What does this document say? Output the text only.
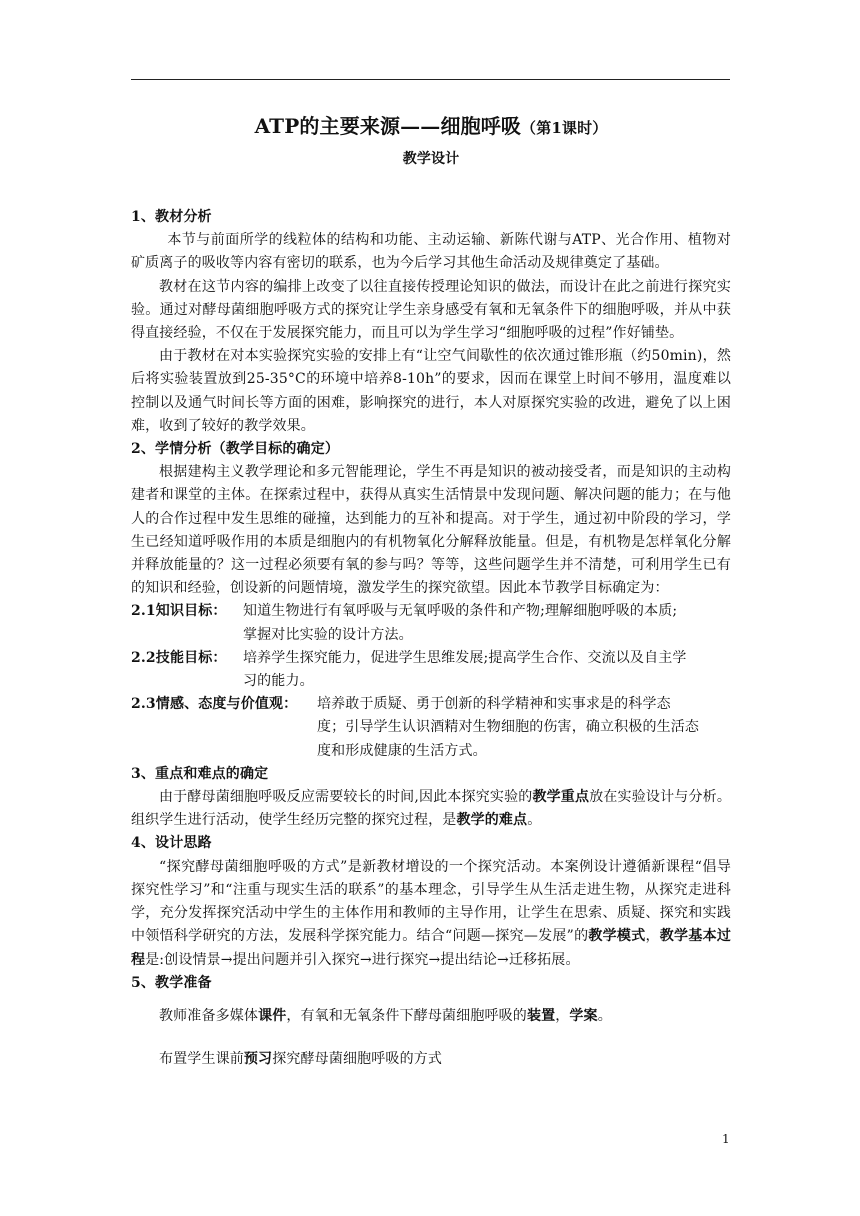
ATP的主要来源——细胞呼吸（第1课时）

教学设计

1、教材分析

本节与前面所学的线粒体的结构和功能、主动运输、新陈代谢与ATP、光合作用、植物对矿质离子的吸收等内容有密切的联系，也为今后学习其他生命活动及规律奠定了基础。

教材在这节内容的编排上改变了以往直接传授理论知识的做法，而设计在此之前进行探究实验。通过对酵母菌细胞呼吸方式的探究让学生亲身感受有氧和无氧条件下的细胞呼吸，并从中获得直接经验，不仅在于发展探究能力，而且可以为学生学习“细胞呼吸的过程”作好铺垫。

由于教材在对本实验探究实验的安排上有“让空气间歇性的依次通过锥形瓶（约50min)，然后将实验装置放到25-35°C的环境中培养8-10h”的要求，因而在课堂上时间不够用，温度难以控制以及通气时间长等方面的困难，影响探究的进行，本人对原探究实验的改进，避免了以上困难，收到了较好的教学效果。

2、学情分析（教学目标的确定）

根据建构主义教学理论和多元智能理论，学生不再是知识的被动接受者，而是知识的主动构建者和课堂的主体。在探索过程中，获得从真实生活情景中发现问题、解决问题的能力；在与他人的合作过程中发生思维的碰撞，达到能力的互补和提高。对于学生，通过初中阶段的学习，学生已经知道呼吸作用的本质是细胞内的有机物氧化分解释放能量。但是，有机物是怎样氧化分解并释放能量的？这一过程必须要有氧的参与吗？等等，这些问题学生并不清楚，可利用学生已有的知识和经验，创设新的问题情境，激发学生的探究欲望。因此本节教学目标确定为：

2.1知识目标：	知道生物进行有氧呼吸与无氧呼吸的条件和产物;理解细胞呼吸的本质;
掌握对比实验的设计方法。
2.2技能目标：	培养学生探究能力，促进学生思维发展;提高学生合作、交流以及自主学
习的能力。
2.3情感、态度与价值观：	培养敢于质疑、勇于创新的科学精神和实事求是的科学态
度；引导学生认识酒精对生物细胞的伤害，确立积极的生活态
度和形成健康的生活方式。

3、重点和难点的确定

由于酵母菌细胞呼吸反应需要较长的时间,因此本探究实验的教学重点放在实验设计与分析。组织学生进行活动，使学生经历完整的探究过程，是教学的难点。

4、设计思路

“探究酵母菌细胞呼吸的方式”是新教材增设的一个探究活动。本案例设计遵循新课程“倡导探究性学习”和“注重与现实生活的联系”的基本理念，引导学生从生活走进生物，从探究走进科学，充分发挥探究活动中学生的主体作用和教师的主导作用，让学生在思索、质疑、探究和实践中领悟科学研究的方法，发展科学探究能力。结合“问题—探究—发展”的教学模式，教学基本过程是:创设情景→提出问题并引入探究→进行探究→提出结论→迁移拓展。

5、教学准备

教师准备多媒体课件，有氧和无氧条件下酵母菌细胞呼吸的装置，学案。

布置学生课前预习探究酵母菌细胞呼吸的方式

1
